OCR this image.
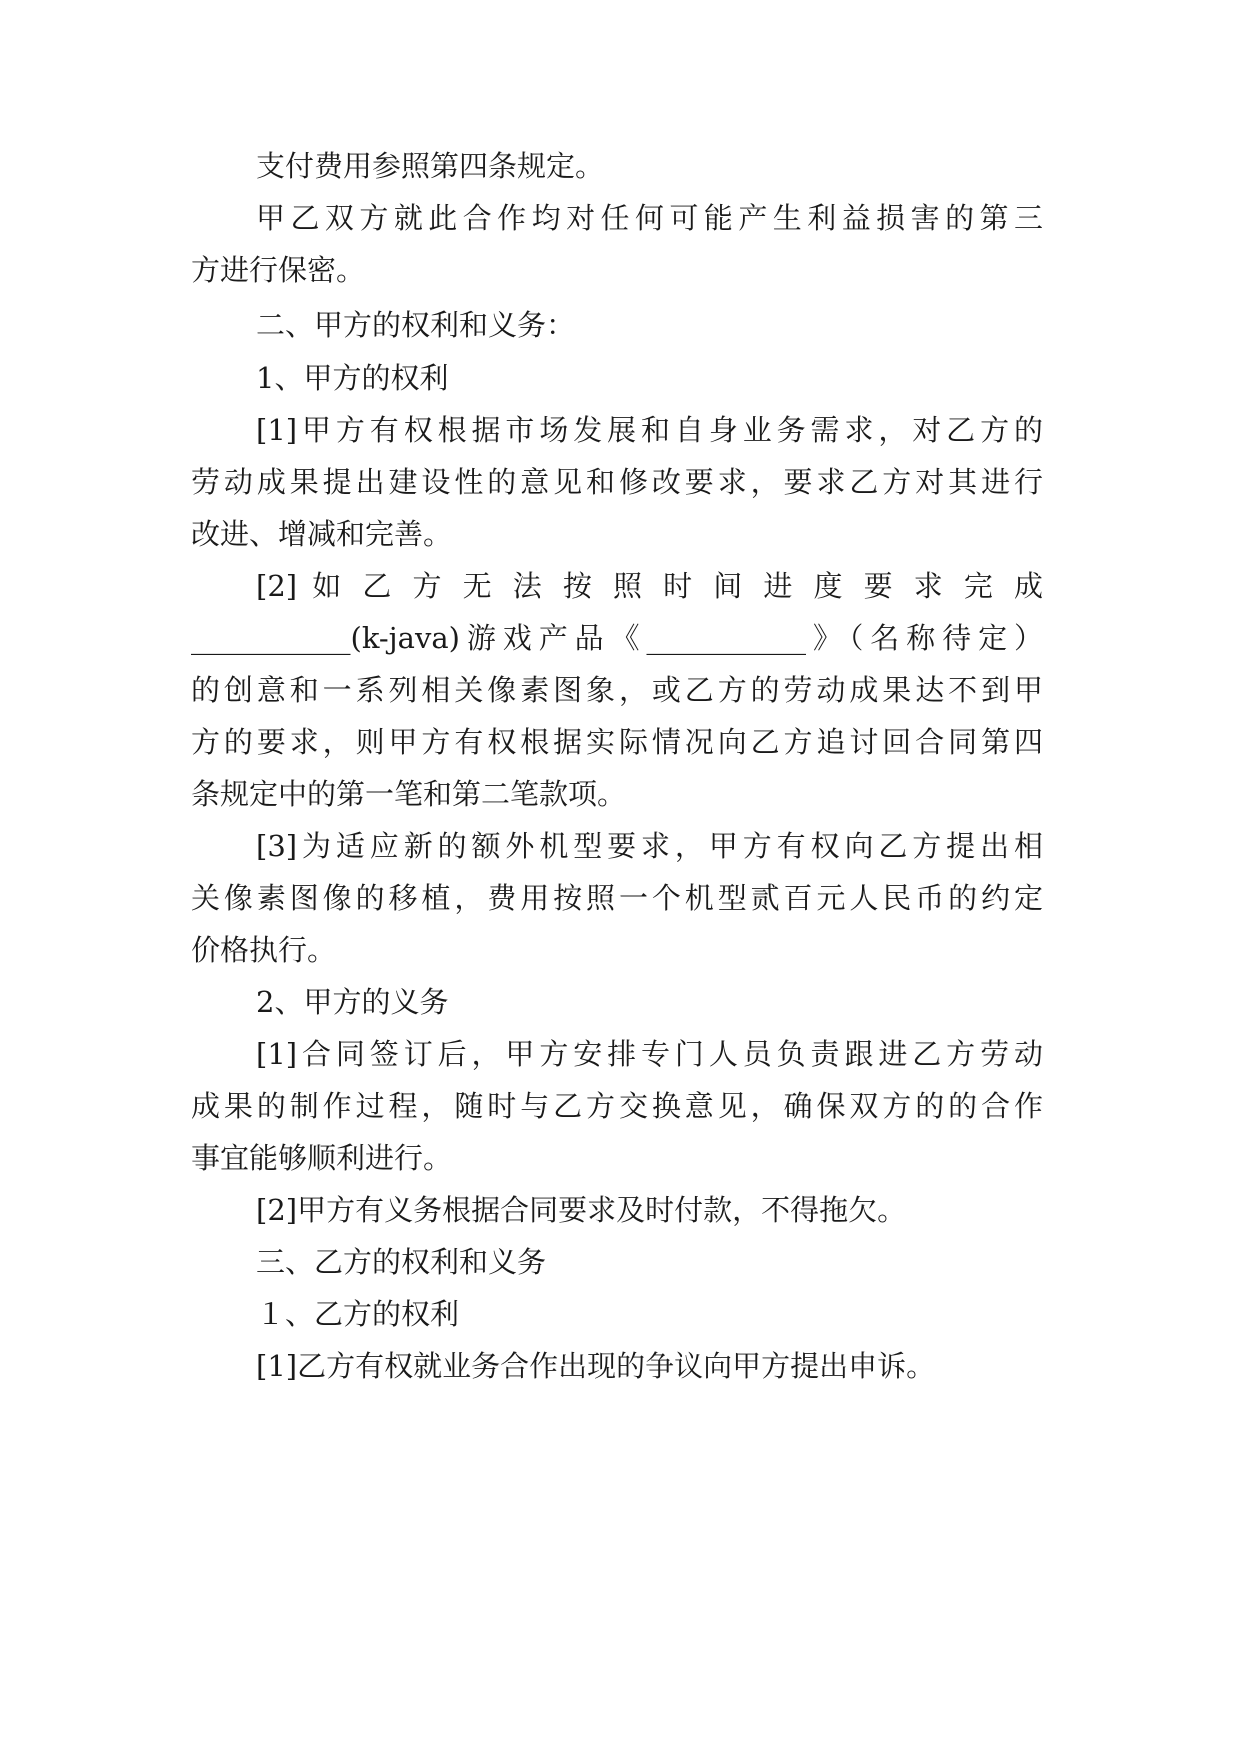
支付费用参照第四条规定。
甲乙双方就此合作均对任何可能产生利益损害的第三
方进行保密。
二、甲方的权利和义务：
1、甲方的权利
[1]甲方有权根据市场发展和自身业务需求，对乙方的
劳动成果提出建设性的意见和修改要求，要求乙方对其进行
改进、增减和完善。
[2] 如 乙 方 无 法 按 照 时 间 进 度 要 求 完 成
___________(k-java)游戏产品《___________》（名称待定）
的创意和一系列相关像素图象，或乙方的劳动成果达不到甲
方的要求，则甲方有权根据实际情况向乙方追讨回合同第四
条规定中的第一笔和第二笔款项。
[3]为适应新的额外机型要求，甲方有权向乙方提出相
关像素图像的移植，费用按照一个机型贰百元人民币的约定
价格执行。
2、甲方的义务
[1]合同签订后，甲方安排专门人员负责跟进乙方劳动
成果的制作过程，随时与乙方交换意见，确保双方的的合作
事宜能够顺利进行。
[2]甲方有义务根据合同要求及时付款，不得拖欠。
三、乙方的权利和义务
１、乙方的权利
[1]乙方有权就业务合作出现的争议向甲方提出申诉。
